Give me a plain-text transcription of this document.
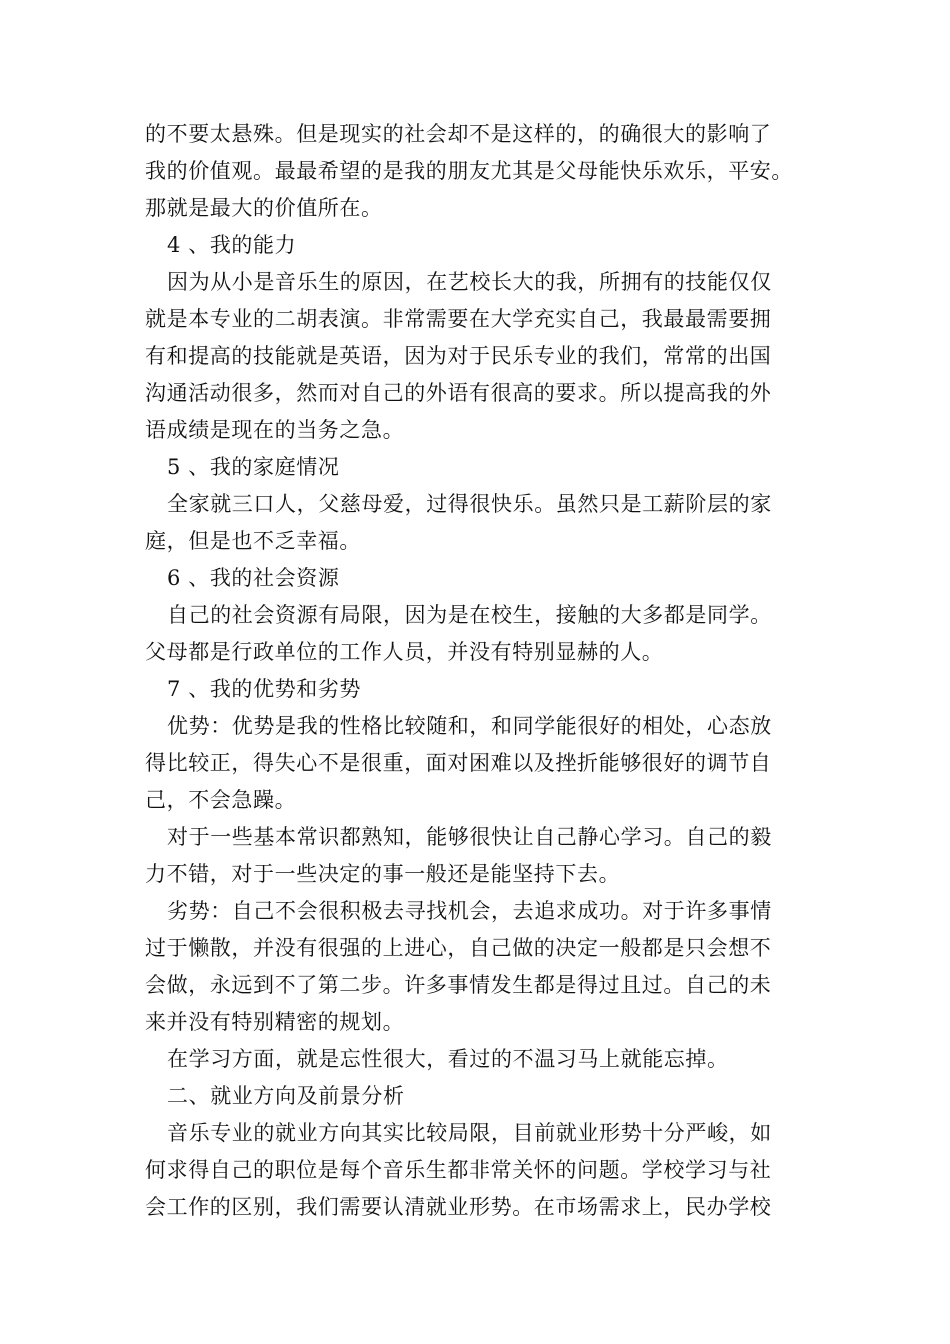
的不要太悬殊。但是现实的社会却不是这样的，的确很大的影响了
我的价值观。最最希望的是我的朋友尤其是父母能快乐欢乐，平安。
那就是最大的价值所在。
4 、我的能力
因为从小是音乐生的原因，在艺校长大的我，所拥有的技能仅仅
就是本专业的二胡表演。非常需要在大学充实自己，我最最需要拥
有和提高的技能就是英语，因为对于民乐专业的我们，常常的出国
沟通活动很多，然而对自己的外语有很高的要求。所以提高我的外
语成绩是现在的当务之急。
5 、我的家庭情况
全家就三口人，父慈母爱，过得很快乐。虽然只是工薪阶层的家
庭，但是也不乏幸福。
6 、我的社会资源
自己的社会资源有局限，因为是在校生，接触的大多都是同学。
父母都是行政单位的工作人员，并没有特别显赫的人。
7 、我的优势和劣势
优势：优势是我的性格比较随和，和同学能很好的相处，心态放
得比较正，得失心不是很重，面对困难以及挫折能够很好的调节自
己，不会急躁。
对于一些基本常识都熟知，能够很快让自己静心学习。自己的毅
力不错，对于一些决定的事一般还是能坚持下去。
劣势：自己不会很积极去寻找机会，去追求成功。对于许多事情
过于懒散，并没有很强的上进心，自己做的决定一般都是只会想不
会做，永远到不了第二步。许多事情发生都是得过且过。自己的未
来并没有特别精密的规划。
在学习方面，就是忘性很大，看过的不温习马上就能忘掉。
二、就业方向及前景分析
音乐专业的就业方向其实比较局限，目前就业形势十分严峻，如
何求得自己的职位是每个音乐生都非常关怀的问题。学校学习与社
会工作的区别，我们需要认清就业形势。在市场需求上，民办学校
